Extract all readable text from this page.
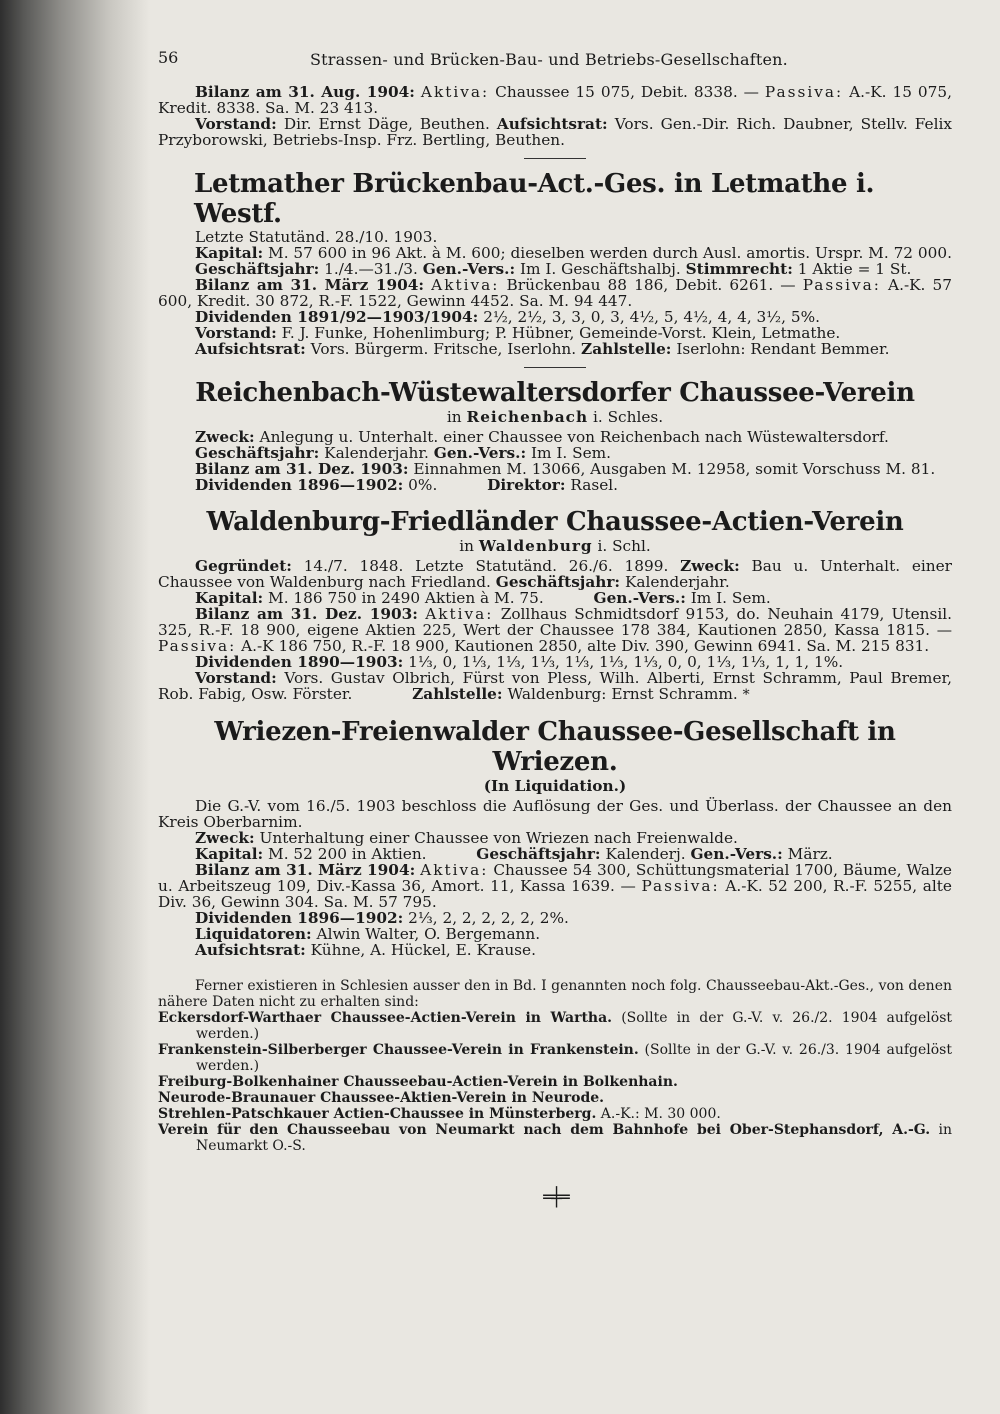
56	Strassen- und Brücken-Bau- und Betriebs-Gesellschaften.

Bilanz am 31. Aug. 1904: Aktiva: Chaussee 15 075, Debit. 8338. — Passiva: A.-K. 15 075, Kredit. 8338. Sa. M. 23 413.

Vorstand: Dir. Ernst Däge, Beuthen. Aufsichtsrat: Vors. Gen.-Dir. Rich. Daubner, Stellv. Felix Przyborowski, Betriebs-Insp. Frz. Bertling, Beuthen.

Letmather Brückenbau-Act.-Ges. in Letmathe i. Westf.

Letzte Statutänd. 28./10. 1903.

Kapital: M. 57 600 in 96 Akt. à M. 600; dieselben werden durch Ausl. amortis. Urspr. M. 72 000.

Geschäftsjahr: 1./4.—31./3. Gen.-Vers.: Im I. Geschäftshalbj. Stimmrecht: 1 Aktie = 1 St.

Bilanz am 31. März 1904: Aktiva: Brückenbau 88 186, Debit. 6261. — Passiva: A.-K. 57 600, Kredit. 30 872, R.-F. 1522, Gewinn 4452. Sa. M. 94 447.

Dividenden 1891/92—1903/1904: 2½, 2½, 3, 3, 0, 3, 4½, 5, 4½, 4, 4, 3½, 5%.

Vorstand: F. J. Funke, Hohenlimburg; P. Hübner, Gemeinde-Vorst. Klein, Letmathe.

Aufsichtsrat: Vors. Bürgerm. Fritsche, Iserlohn. Zahlstelle: Iserlohn: Rendant Bemmer.

Reichenbach-Wüstewaltersdorfer Chaussee-Verein
in Reichenbach i. Schles.

Zweck: Anlegung u. Unterhalt. einer Chaussee von Reichenbach nach Wüstewaltersdorf.

Geschäftsjahr: Kalenderjahr. Gen.-Vers.: Im I. Sem.

Bilanz am 31. Dez. 1903: Einnahmen M. 13066, Ausgaben M. 12958, somit Vorschuss M. 81.

Dividenden 1896—1902: 0%.	Direktor: Rasel.

Waldenburg-Friedländer Chaussee-Actien-Verein
in Waldenburg i. Schl.

Gegründet: 14./7. 1848. Letzte Statutänd. 26./6. 1899. Zweck: Bau u. Unterhalt. einer Chaussee von Waldenburg nach Friedland. Geschäftsjahr: Kalenderjahr.

Kapital: M. 186 750 in 2490 Aktien à M. 75.	Gen.-Vers.: Im I. Sem.

Bilanz am 31. Dez. 1903: Aktiva: Zollhaus Schmidtsdorf 9153, do. Neuhain 4179, Utensil. 325, R.-F. 18 900, eigene Aktien 225, Wert der Chaussee 178 384, Kautionen 2850, Kassa 1815. — Passiva: A.-K 186 750, R.-F. 18 900, Kautionen 2850, alte Div. 390, Gewinn 6941. Sa. M. 215 831.

Dividenden 1890—1903: 1⅓, 0, 1⅓, 1⅓, 1⅓, 1⅓, 1⅓, 1⅓, 0, 0, 1⅓, 1⅓, 1, 1, 1%.

Vorstand: Vors. Gustav Olbrich, Fürst von Pless, Wilh. Alberti, Ernst Schramm, Paul Bremer, Rob. Fabig, Osw. Förster.	Zahlstelle: Waldenburg: Ernst Schramm. *

Wriezen-Freienwalder Chaussee-Gesellschaft in Wriezen.
(In Liquidation.)

Die G.-V. vom 16./5. 1903 beschloss die Auflösung der Ges. und Überlass. der Chaussee an den Kreis Oberbarnim.

Zweck: Unterhaltung einer Chaussee von Wriezen nach Freienwalde.

Kapital: M. 52 200 in Aktien.	Geschäftsjahr: Kalenderj. Gen.-Vers.: März.

Bilanz am 31. März 1904: Aktiva: Chaussee 54 300, Schüttungsmaterial 1700, Bäume, Walze u. Arbeitszeug 109, Div.-Kassa 36, Amort. 11, Kassa 1639. — Passiva: A.-K. 52 200, R.-F. 5255, alte Div. 36, Gewinn 304. Sa. M. 57 795.

Dividenden 1896—1902: 2⅓, 2, 2, 2, 2, 2, 2%.

Liquidatoren: Alwin Walter, O. Bergemann.

Aufsichtsrat: Kühne, A. Hückel, E. Krause.

Ferner existieren in Schlesien ausser den in Bd. I genannten noch folg. Chausseebau-Akt.-Ges., von denen nähere Daten nicht zu erhalten sind:

Eckersdorf-Warthaer Chaussee-Actien-Verein in Wartha. (Sollte in der G.-V. v. 26./2. 1904 aufgelöst werden.)

Frankenstein-Silberberger Chaussee-Verein in Frankenstein. (Sollte in der G.-V. v. 26./3. 1904 aufgelöst werden.)

Freiburg-Bolkenhainer Chausseebau-Actien-Verein in Bolkenhain.

Neurode-Braunauer Chaussee-Aktien-Verein in Neurode.

Strehlen-Patschkauer Actien-Chaussee in Münsterberg. A.-K.: M. 30 000.

Verein für den Chausseebau von Neumarkt nach dem Bahnhofe bei Ober-Stephansdorf, A.-G. in Neumarkt O.-S.

═╪═
